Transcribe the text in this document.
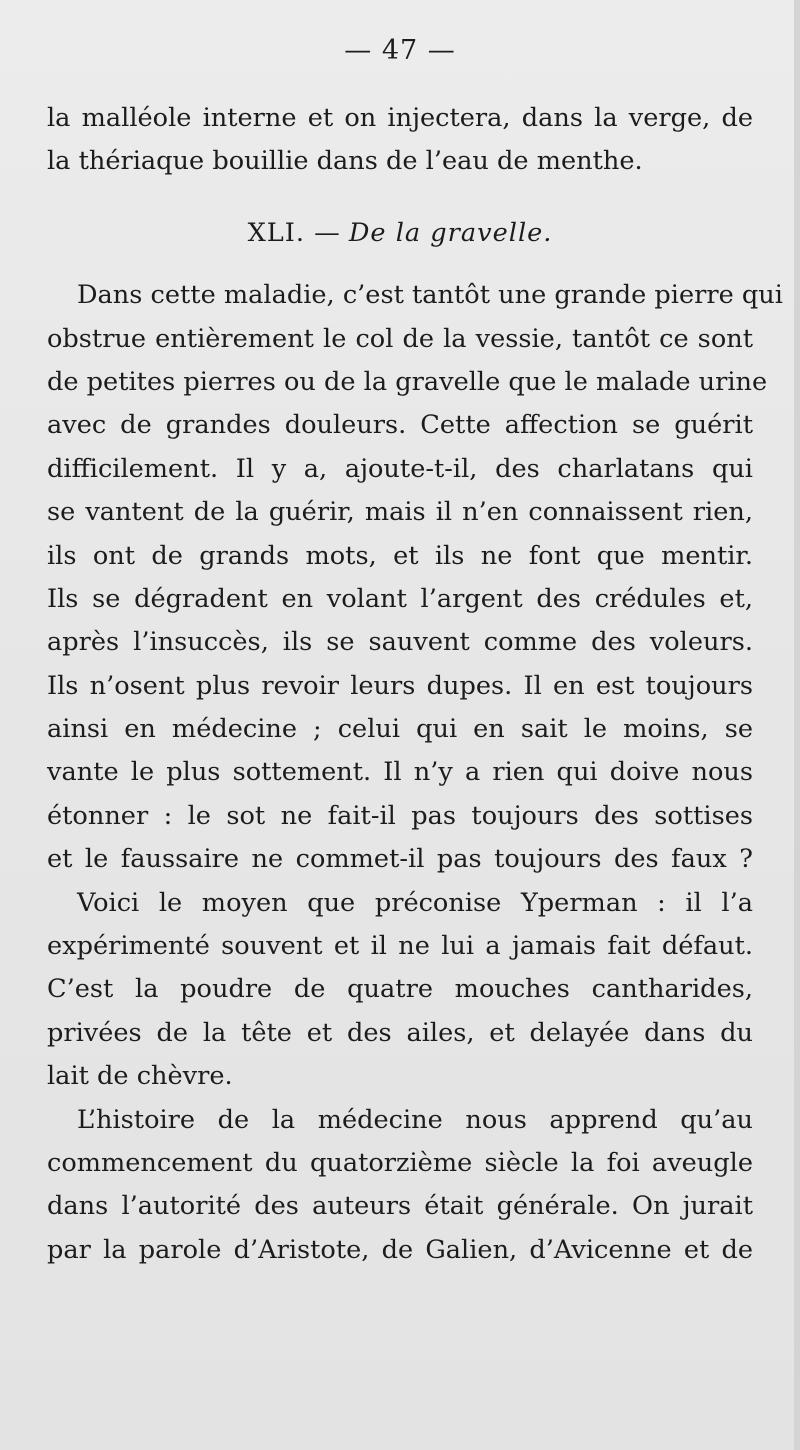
— 47 —
la malléole interne et on injectera, dans la verge, de
la thériaque bouillie dans de l’eau de menthe.
XLI. — De la gravelle.
Dans cette maladie, c’est tantôt une grande pierre qui
obstrue entièrement le col de la vessie, tantôt ce sont
de petites pierres ou de la gravelle que le malade urine
avec de grandes douleurs. Cette affection se guérit
difficilement. Il y a, ajoute-t-il, des charlatans qui
se vantent de la guérir, mais il n’en connaissent rien,
ils ont de grands mots, et ils ne font que mentir.
Ils se dégradent en volant l’argent des crédules et,
après l’insuccès, ils se sauvent comme des voleurs.
Ils n’osent plus revoir leurs dupes. Il en est toujours
ainsi en médecine ; celui qui en sait le moins, se
vante le plus sottement. Il n’y a rien qui doive nous
étonner : le sot ne fait-il pas toujours des sottises
et le faussaire ne commet-il pas toujours des faux ?
Voici le moyen que préconise Yperman : il l’a
expérimenté souvent et il ne lui a jamais fait défaut.
C’est la poudre de quatre mouches cantharides,
privées de la tête et des ailes, et delayée dans du
lait de chèvre.
L’histoire de la médecine nous apprend qu’au
commencement du quatorzième siècle la foi aveugle
dans l’autorité des auteurs était générale. On jurait
par la parole d’Aristote, de Galien, d’Avicenne et de
